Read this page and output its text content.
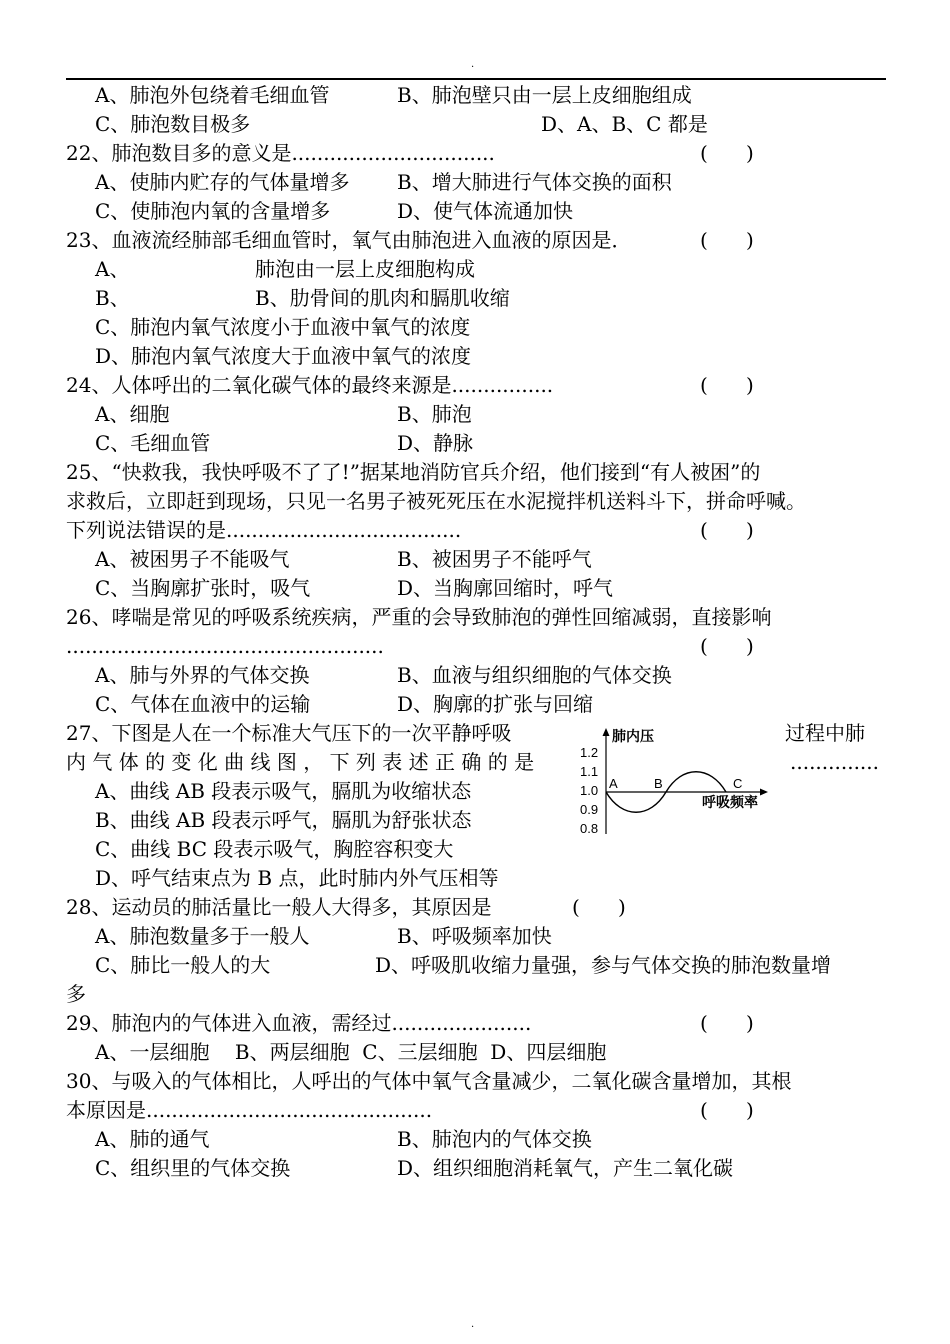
.
A、肺泡外包绕着毛细血管	B、肺泡壁只由一层上皮细胞组成
C、肺泡数目极多	D、A、B、C 都是
22、肺泡数目多的意义是................................	(      )
A、使肺内贮存的气体量增多 B、增大肺进行气体交换的面积
C、使肺泡内氧的含量增多	D、使气体流通加快
23、血液流经肺部毛细血管时，氧气由肺泡进入血液的原因是．	(      )
A、	肺泡由一层上皮细胞构成
B、	B、肋骨间的肌肉和膈肌收缩
C、肺泡内氧气浓度小于血液中氧气的浓度
D、肺泡内氧气浓度大于血液中氧气的浓度
24、人体呼出的二氧化碳气体的最终来源是................	(      )
A、细胞	B、肺泡
C、毛细血管	D、静脉
25、“快救我，我快呼吸不了了!”据某地消防官兵介绍，他们接到“有人被困”的
求救后，立即赶到现场，只见一名男子被死死压在水泥搅拌机送料斗下，拼命呼喊。
下列说法错误的是.....................................	(      )
A、被困男子不能吸气	B、被困男子不能呼气
C、当胸廓扩张时，吸气	D、当胸廓回缩时，呼气
26、哮喘是常见的呼吸系统疾病，严重的会导致肺泡的弹性回缩减弱，直接影响
..................................................	(      )
A、肺与外界的气体交换	B、血液与组织细胞的气体交换
C、气体在血液中的运输	D、胸廓的扩张与回缩
27、下图是人在一个标准大气压下的一次平静呼吸	过程中肺
内 气 体 的 变 化 曲 线 图 ， 下 列 表 述 正 确 的 是	..............
A、曲线 AB 段表示吸气，膈肌为收缩状态
B、曲线 AB 段表示呼气，膈肌为舒张状态
C、曲线 BC 段表示吸气，胸腔容积变大
D、呼气结束点为 B 点，此时肺内外气压相等
肺内压
呼吸频率
1.2
1.1
1.0
0.9
0.8
A	B	C
28、运动员的肺活量比一般人大得多，其原因是	(      )
A、肺泡数量多于一般人	B、呼吸频率加快
C、肺比一般人的大	D、呼吸肌收缩力量强，参与气体交换的肺泡数量增
多
29、肺泡内的气体进入血液，需经过......................	(      )
A、一层细胞    B、两层细胞  C、三层细胞  D、四层细胞
30、与吸入的气体相比，人呼出的气体中氧气含量减少，二氧化碳含量增加，其根
本原因是.............................................	(      )
A、肺的通气	B、肺泡内的气体交换
C、组织里的气体交换	D、组织细胞消耗氧气，产生二氧化碳
.
